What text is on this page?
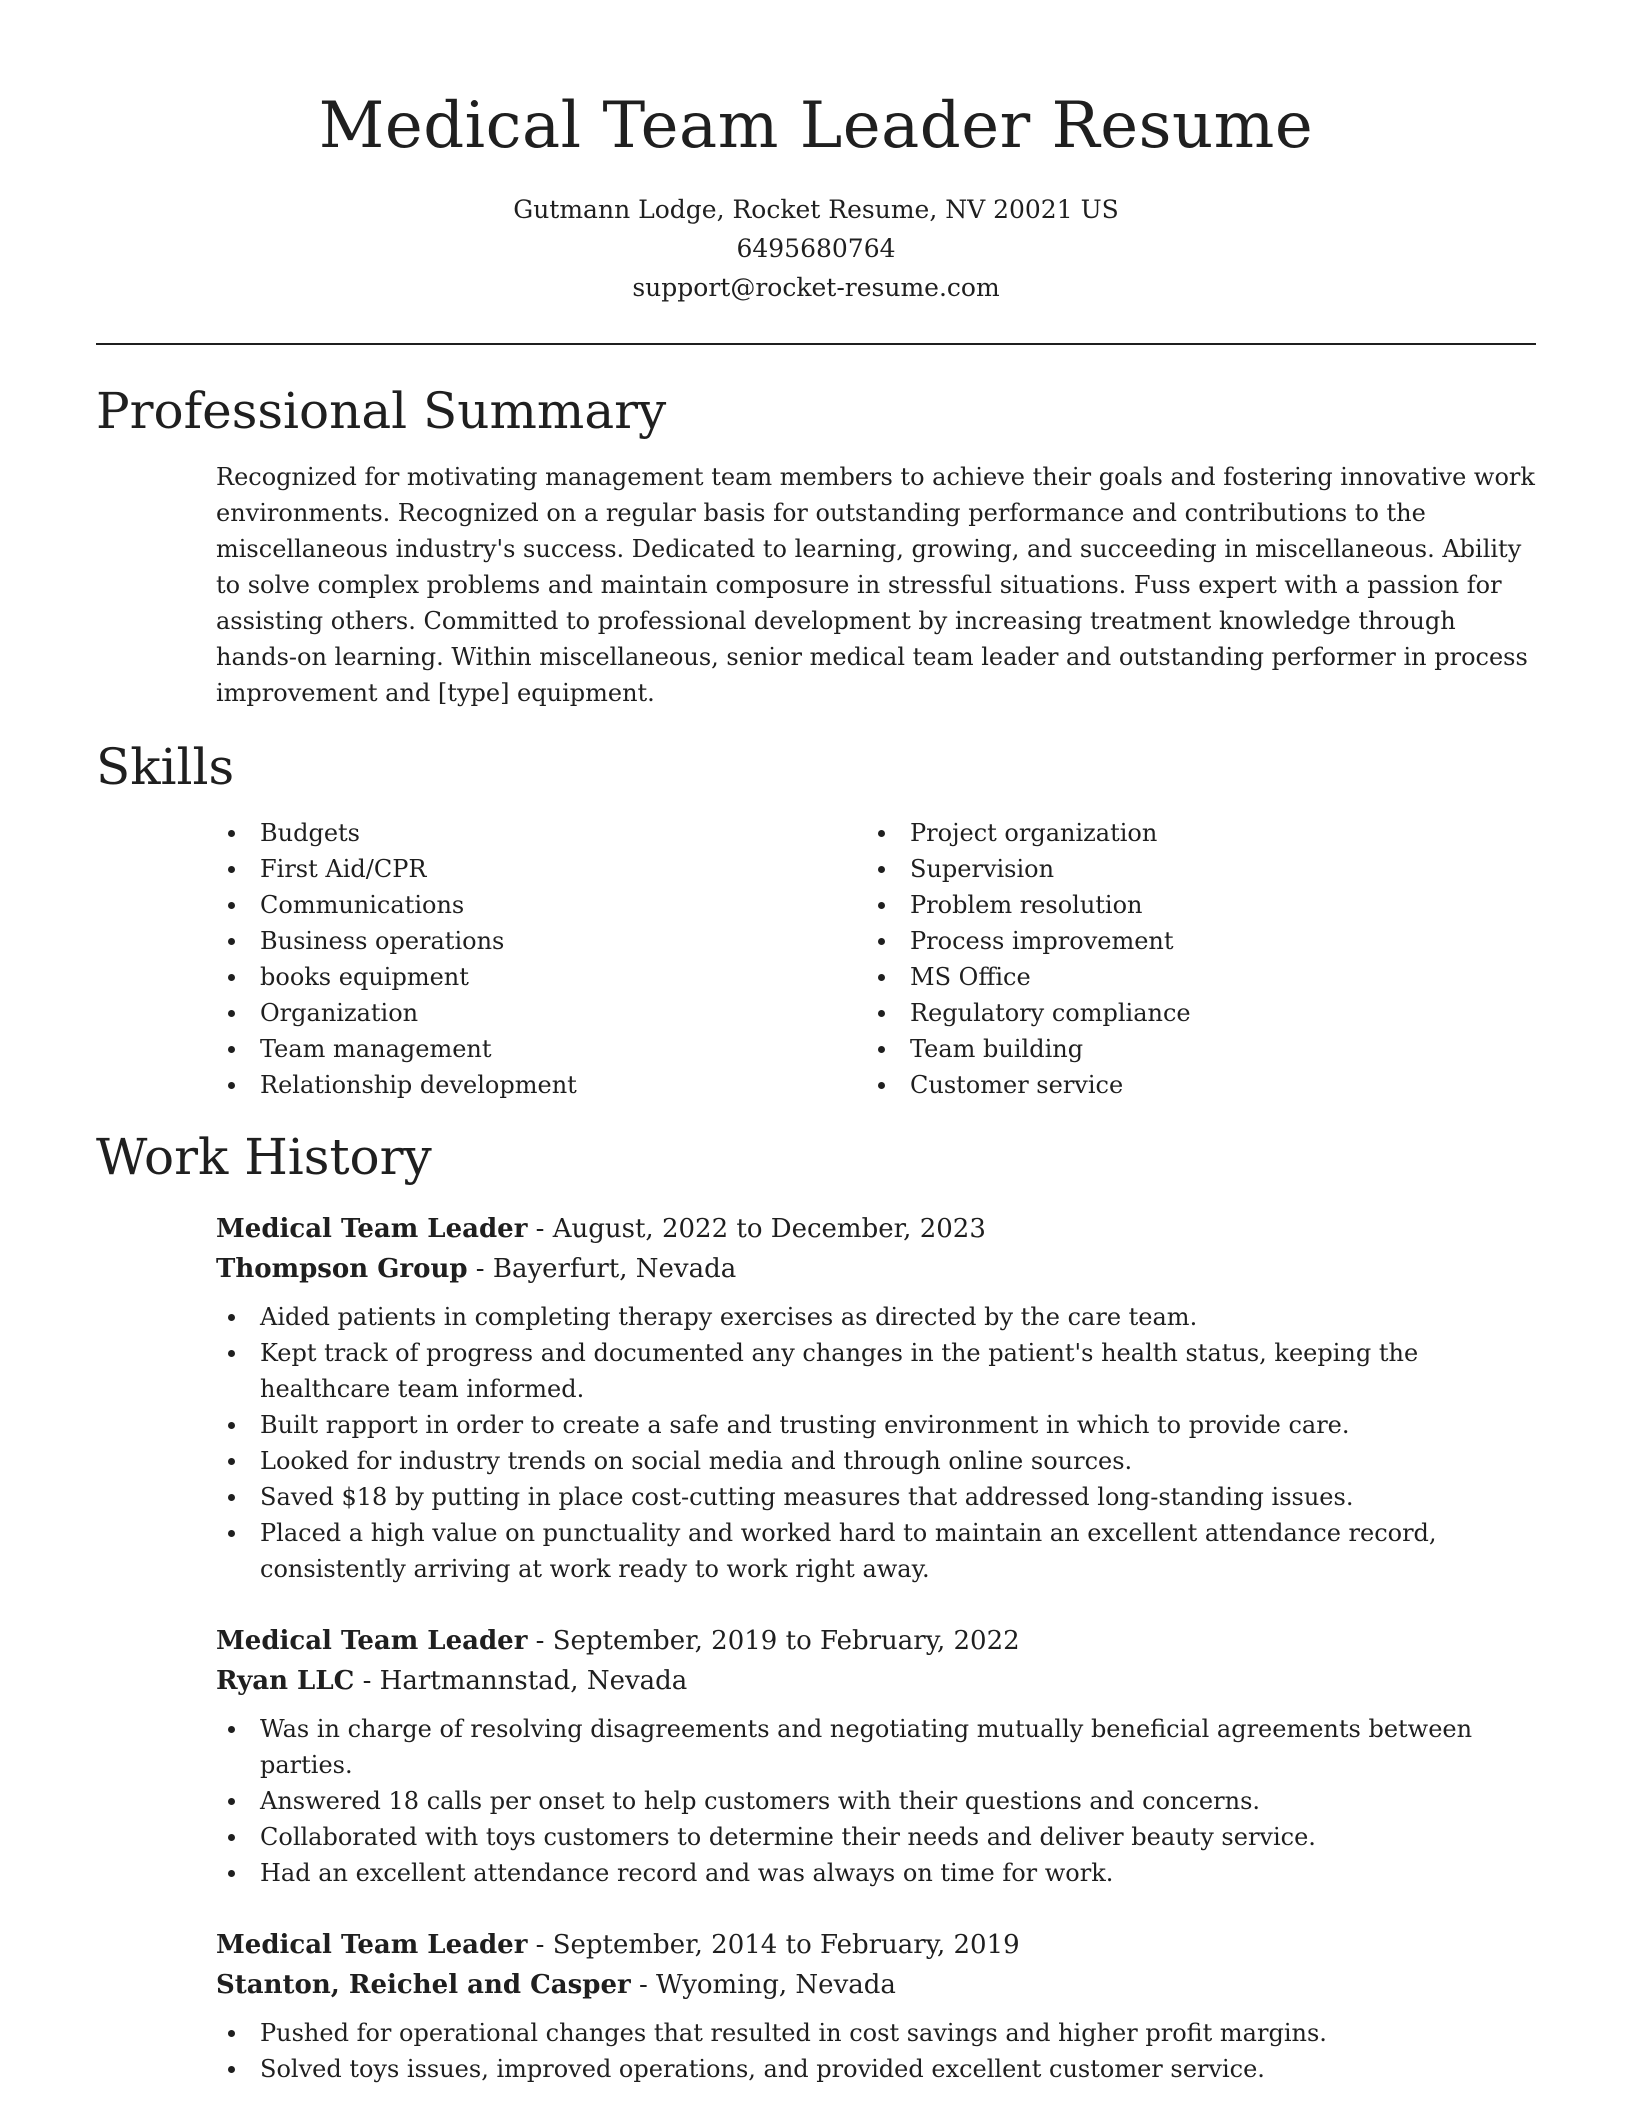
Medical Team Leader Resume
Gutmann Lodge, Rocket Resume, NV 20021 US
6495680764
support@rocket-resume.com
Professional Summary

Recognized for motivating management team members to achieve their goals and fostering innovative work environments. Recognized on a regular basis for outstanding performance and contributions to the miscellaneous industry's success. Dedicated to learning, growing, and succeeding in miscellaneous. Ability to solve complex problems and maintain composure in stressful situations. Fuss expert with a passion for assisting others. Committed to professional development by increasing treatment knowledge through hands-on learning. Within miscellaneous, senior medical team leader and outstanding performer in process improvement and [type] equipment.

Skills
Budgets
First Aid/CPR
Communications
Business operations
books equipment
Organization
Team management
Relationship development
Project organization
Supervision
Problem resolution
Process improvement
MS Office
Regulatory compliance
Team building
Customer service
Work History
Medical Team Leader - August, 2022 to December, 2023
Thompson Group - Bayerfurt, Nevada
Aided patients in completing therapy exercises as directed by the care team.
Kept track of progress and documented any changes in the patient's health status, keeping the healthcare team informed.
Built rapport in order to create a safe and trusting environment in which to provide care.
Looked for industry trends on social media and through online sources.
Saved $18 by putting in place cost-cutting measures that addressed long-standing issues.
Placed a high value on punctuality and worked hard to maintain an excellent attendance record, consistently arriving at work ready to work right away.
Medical Team Leader - September, 2019 to February, 2022
Ryan LLC - Hartmannstad, Nevada
Was in charge of resolving disagreements and negotiating mutually beneficial agreements between parties.
Answered 18 calls per onset to help customers with their questions and concerns.
Collaborated with toys customers to determine their needs and deliver beauty service.
Had an excellent attendance record and was always on time for work.
Medical Team Leader - September, 2014 to February, 2019
Stanton, Reichel and Casper - Wyoming, Nevada
Pushed for operational changes that resulted in cost savings and higher profit margins.
Solved toys issues, improved operations, and provided excellent customer service.
